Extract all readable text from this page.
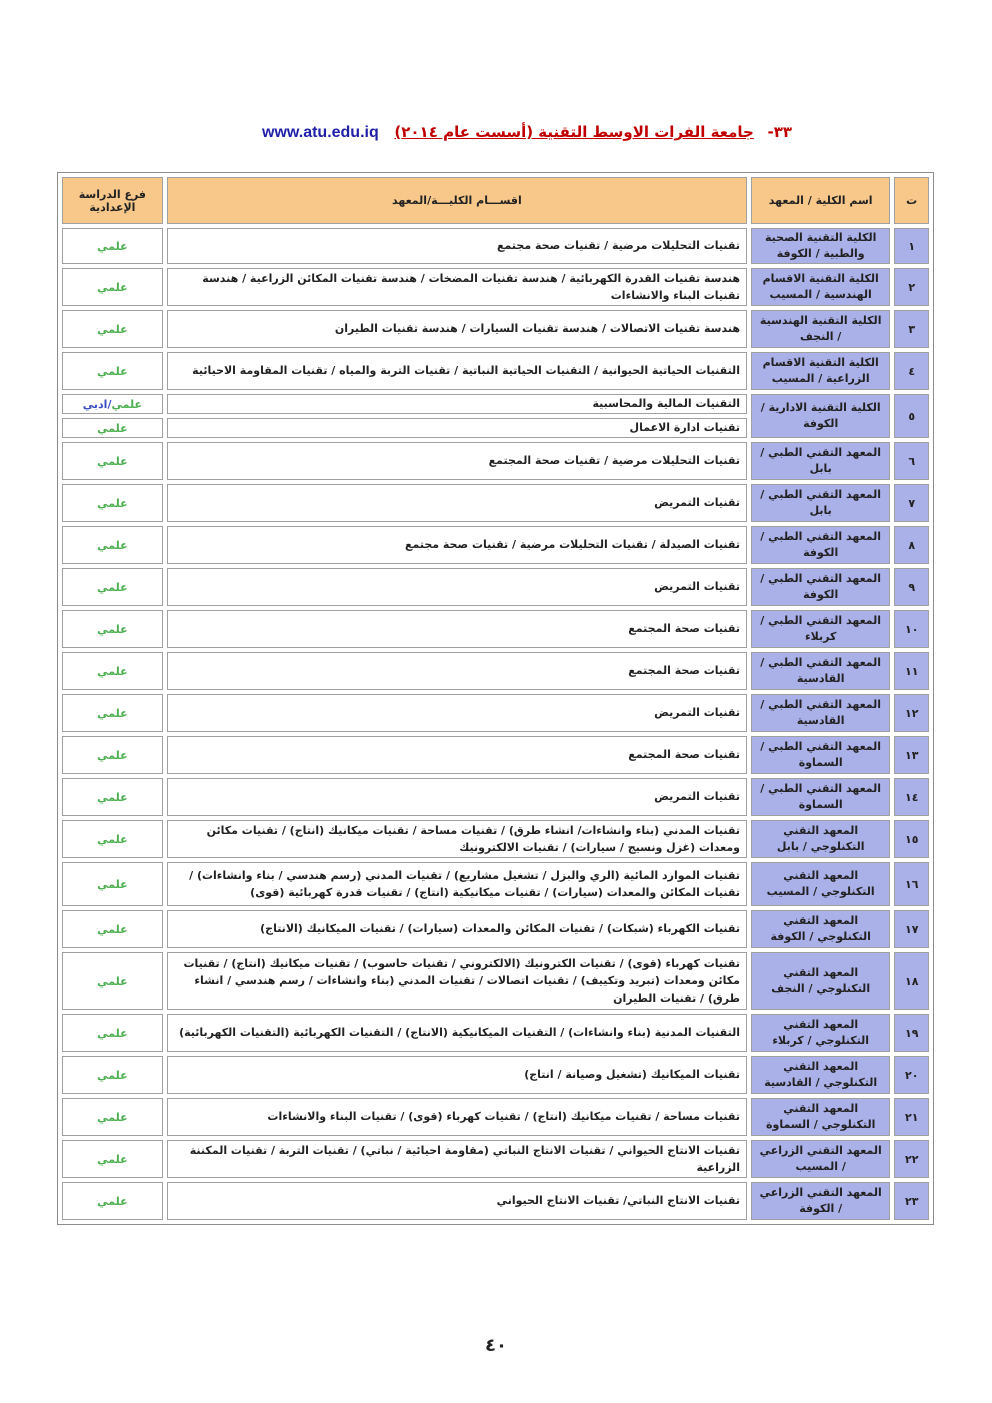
٣٣- جامعة الفرات الاوسط التقنية (أسست عام ٢٠١٤)
www.atu.edu.iq
ت	اسم الكلية / المعهد	اقســـام الكليـــة/المعهد	فرع الدراسة الإعدادية
١	الكلية التقنية الصحية والطبية / الكوفة	تقنيات التحليلات مرضية / تقنيات صحة مجتمع	علمي
٢	الكلية التقنية الاقسام الهندسية / المسيب	هندسة تقنيات القدرة الكهربائية / هندسة تقنيات المضخات / هندسة تقنيات المكائن الزراعية / هندسة تقنيات البناء والانشاءات	علمي
٣	الكلية التقنية الهندسية / النجف	هندسة تقنيات الاتصالات / هندسة تقنيات السيارات / هندسة تقنيات الطيران	علمي
٤	الكلية التقنية الاقسام الزراعية / المسيب	التقنيات الحياتية الحيوانية / التقنيات الحياتية النباتية / تقنيات التربة والمياه / تقنيات المقاومة الاحيائية	علمي
٥	الكلية التقنية الادارية / الكوفة	التقنيات المالية والمحاسبية	علمي/ادبي
		تقنيات ادارة الاعمال	علمي
٦	المعهد التقني الطبي / بابل	تقنيات التحليلات مرضية / تقنيات صحة المجتمع	علمي
٧	المعهد التقني الطبي / بابل	تقنيات التمريض	علمي
٨	المعهد التقني الطبي / الكوفة	تقنيات الصيدلة / تقنيات التحليلات مرضية / تقنيات صحة مجتمع	علمي
٩	المعهد التقني الطبي / الكوفة	تقنيات التمريض	علمي
١٠	المعهد التقني الطبي / كربلاء	تقنيات صحة المجتمع	علمي
١١	المعهد التقني الطبي / القادسية	تقنيات صحة المجتمع	علمي
١٢	المعهد التقني الطبي / القادسية	تقنيات التمريض	علمي
١٣	المعهد التقني الطبي / السماوة	تقنيات صحة المجتمع	علمي
١٤	المعهد التقني الطبي / السماوة	تقنيات التمريض	علمي
١٥	المعهد التقني التكنلوجي / بابل	تقنيات المدني (بناء وانشاءات/ انشاء طرق) / تقنيات مساحة / تقنيات ميكانيك (انتاج) / تقنيات مكائن ومعدات (غزل ونسيج / سيارات) / تقنيات الالكترونيك	علمي
١٦	المعهد التقني التكنلوجي / المسيب	تقنيات الموارد المائية (الري والبزل / تشغيل مشاريع) / تقنيات المدني (رسم هندسي / بناء وانشاءات) / تقنيات المكائن والمعدات (سيارات) / تقنيات ميكانيكية (انتاج) / تقنيات قدرة كهربائية (قوى)	علمي
١٧	المعهد التقني التكنلوجي / الكوفة	تقنيات الكهرباء (شبكات) / تقنيات المكائن والمعدات (سيارات) / تقنيات الميكانيك (الانتاج)	علمي
١٨	المعهد التقني التكنلوجي / النجف	تقنيات كهرباء (قوى) / تقنيات الكترونيك (الالكتروني / تقنيات حاسوب) / تقنيات ميكانيك (انتاج) / تقنيات مكائن ومعدات (تبريد وتكييف) / تقنيات اتصالات / تقنيات المدني (بناء وانشاءات / رسم هندسي / انشاء طرق) / تقنيات الطيران	علمي
١٩	المعهد التقني التكنلوجي / كربلاء	التقنيات المدنية (بناء وانشاءات) / التقنيات الميكانيكية (الانتاج) / التقنيات الكهربائية (التقنيات الكهربائية)	علمي
٢٠	المعهد التقني التكنلوجي / القادسية	تقنيات الميكانيك (تشغيل وصيانة / انتاج)	علمي
٢١	المعهد التقني التكنلوجي / السماوة	تقنيات مساحة / تقنيات ميكانيك (انتاج) / تقنيات كهرباء (قوى) / تقنيات البناء والانشاءات	علمي
٢٢	المعهد التقني الزراعي / المسيب	تقنيات الانتاج الحيواني / تقنيات الانتاج النباتي (مقاومة احيائية / نباتي) / تقنيات التربة / تقنيات المكننة الزراعية	علمي
٢٣	المعهد التقني الزراعي / الكوفة	تقنيات الانتاج النباتي/ تقنيات الانتاج الحيواني	علمي
٤٠
